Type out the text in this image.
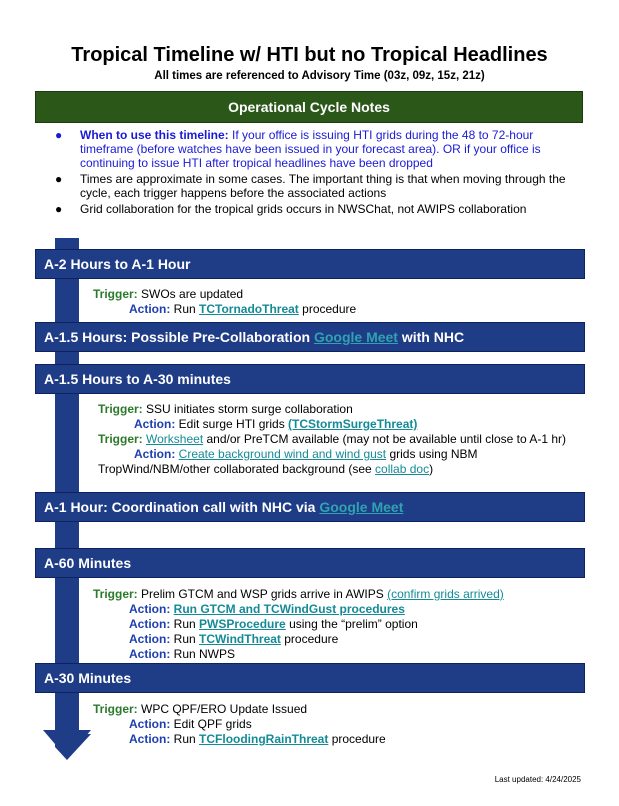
Tropical Timeline w/ HTI but no Tropical Headlines
All times are referenced to Advisory Time (03z, 09z, 15z, 21z)
Operational Cycle Notes
● When to use this timeline: If your office is issuing HTI grids during the 48 to 72-hour timeframe (before watches have been issued in your forecast area). OR if your office is continuing to issue HTI after tropical headlines have been dropped
● Times are approximate in some cases. The important thing is that when moving through the cycle, each trigger happens before the associated actions
● Grid collaboration for the tropical grids occurs in NWSChat, not AWIPS collaboration
A-2 Hours to A-1 Hour
Trigger: SWOs are updated
Action: Run TCTornadoThreat procedure
A-1.5 Hours: Possible Pre-Collaboration
Google Meet
with NHC
A-1.5 Hours to A-30 minutes
Trigger: SSU initiates storm surge collaboration
Action: Edit surge HTI grids (TCStormSurgeThreat)
Trigger: Worksheet and/or PreTCM available (may not be available until close to A-1 hr)
Action: Create background wind and wind gust grids using NBM
TropWind/NBM/other collaborated background (see collab doc)
A-1 Hour: Coordination call with NHC via
Google Meet
A-60 Minutes
Trigger: Prelim GTCM and WSP grids arrive in AWIPS (confirm grids arrived)
Action: Run GTCM and TCWindGust procedures
Action: Run PWSProcedure using the “prelim” option
Action: Run TCWindThreat procedure
Action: Run NWPS
A-30 Minutes
Trigger: WPC QPF/ERO Update Issued
Action: Edit QPF grids
Action: Run TCFloodingRainThreat procedure
Last updated: 4/24/2025
